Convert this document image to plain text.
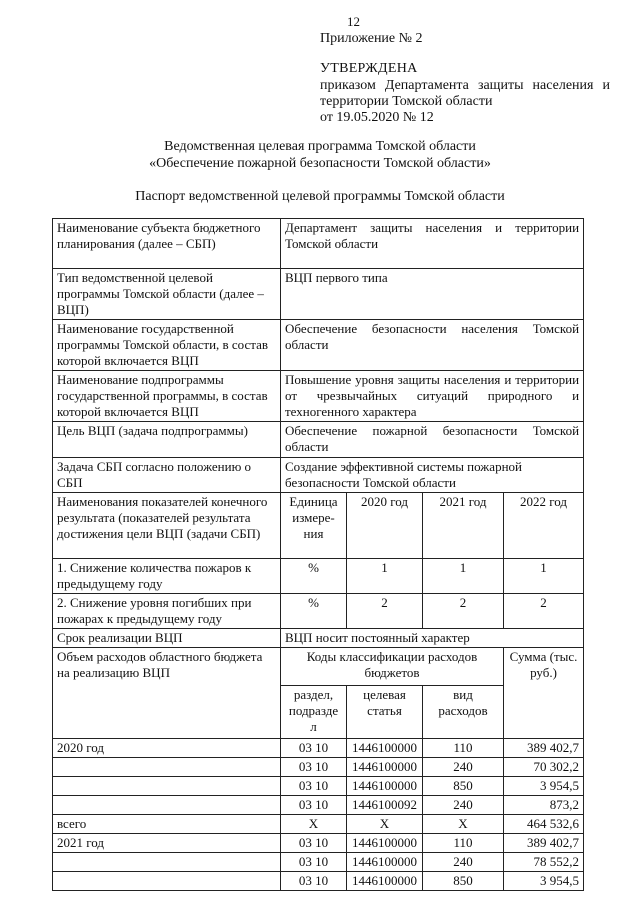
12
Приложение № 2
УТВЕРЖДЕНА
приказом Департамента защиты населения и
территории Томской области
от 19.05.2020 № 12
Ведомственная целевая программа Томской области
«Обеспечение пожарной безопасности Томской области»
Паспорт ведомственной целевой программы Томской области
Наименование субъекта бюджетного планирования (далее – СБП)	Департамент защиты населения и территории Томской области			
Тип ведомственной целевой программы Томской области (далее – ВЦП)	ВЦП первого типа			
Наименование государственной программы Томской области, в состав которой включается ВЦП	Обеспечение безопасности населения Томской области			
Наименование подпрограммы государственной программы, в состав которой включается ВЦП	Повышение уровня защиты населения и территории от чрезвычайных ситуаций природного и техногенного характера			
Цель ВЦП (задача подпрограммы)	Обеспечение пожарной безопасности Томской области			
Задача СБП согласно положению о СБП	Создание эффективной системы пожарной безопасности Томской области			
Наименования показателей конечного результата (показателей результата достижения цели ВЦП (задачи СБП)	Единица измере-ния	2020 год	2021 год	2022 год
1. Снижение количества пожаров к предыдущему году	%	1	1	1
2. Снижение уровня погибших при пожарах к предыдущему году	%	2	2	2
Срок реализации ВЦП	ВЦП носит постоянный характер			
Объем расходов областного бюджета на реализацию ВЦП	Коды классификации расходов бюджетов			Сумма (тыс. руб.)
	раздел, подразде л	целевая статья	вид расходов	
2020 год	03 10	1446100000	110	389 402,7
	03 10	1446100000	240	70 302,2
	03 10	1446100000	850	3 954,5
	03 10	1446100092	240	873,2
всего	Х	Х	Х	464 532,6
2021 год	03 10	1446100000	110	389 402,7
	03 10	1446100000	240	78 552,2
	03 10	1446100000	850	3 954,5
